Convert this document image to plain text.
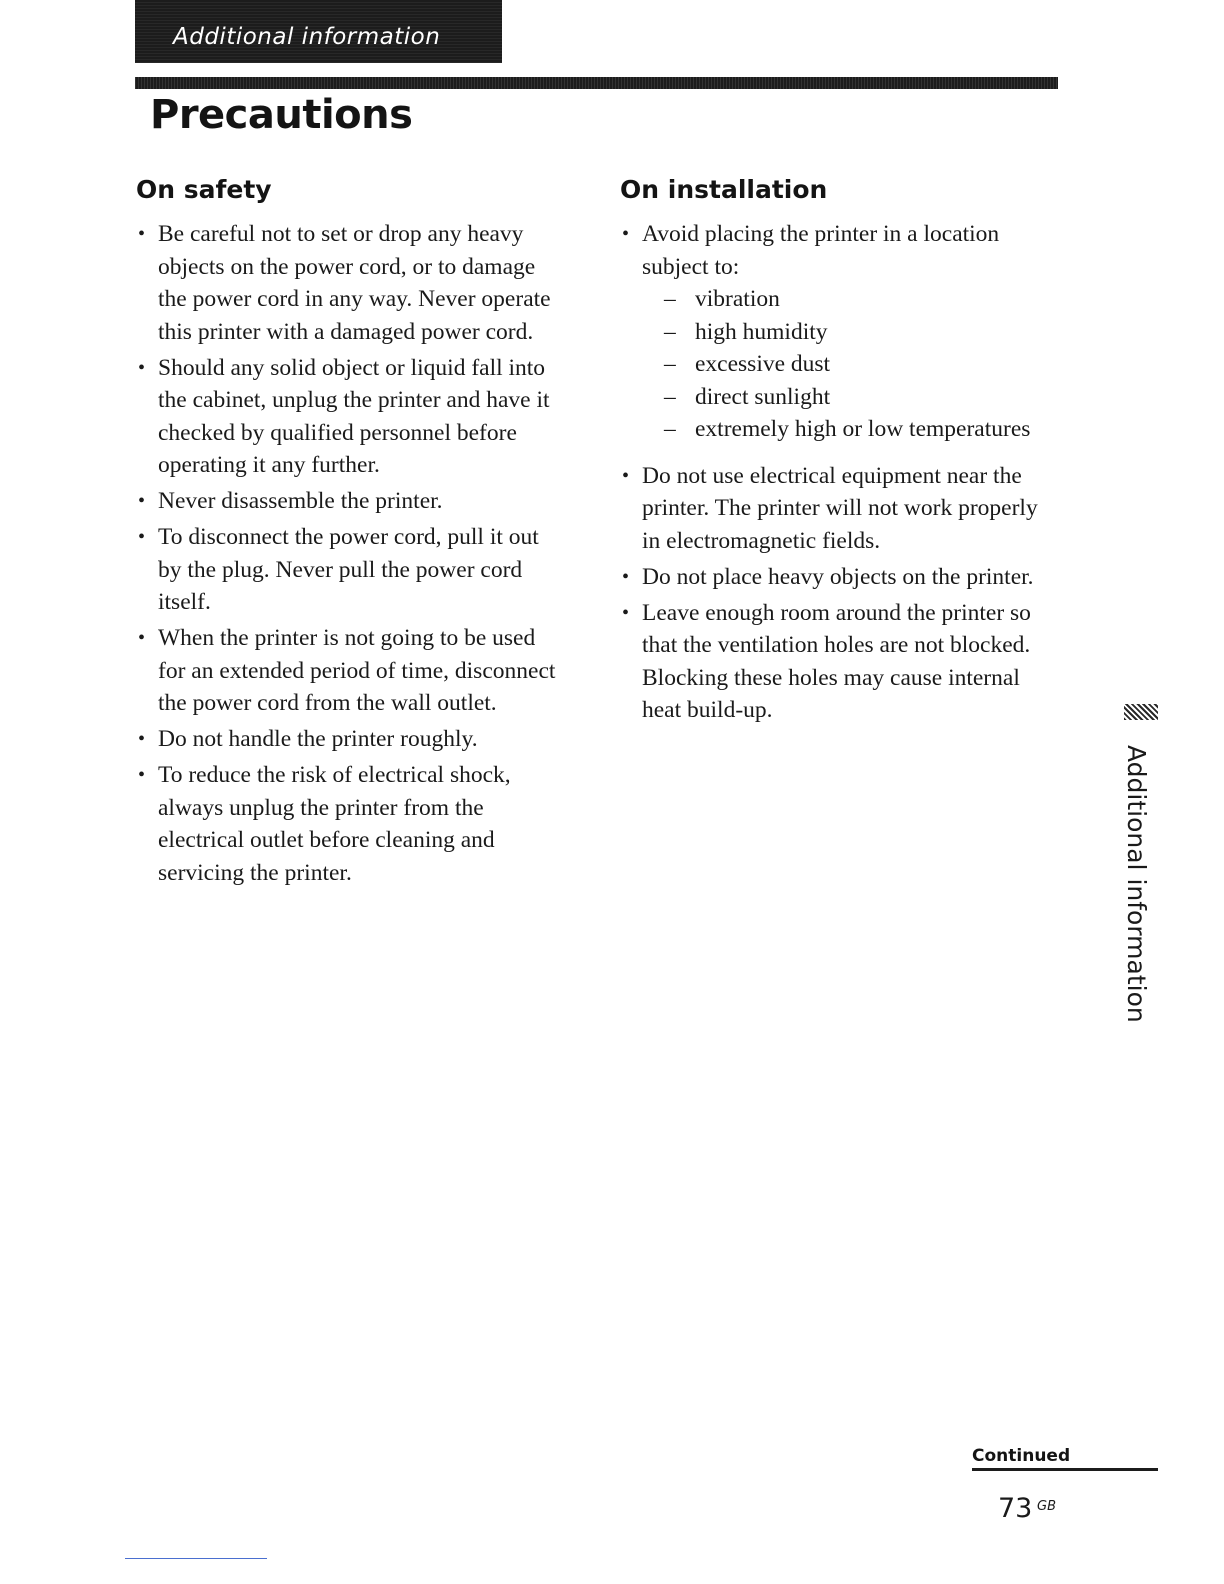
Additional information
Precautions
On safety
• Be careful not to set or drop any heavy objects on the power cord, or to damage the power cord in any way. Never operate this printer with a damaged power cord.
• Should any solid object or liquid fall into the cabinet, unplug the printer and have it checked by qualified personnel before operating it any further.
• Never disassemble the printer.
• To disconnect the power cord, pull it out by the plug. Never pull the power cord itself.
• When the printer is not going to be used for an extended period of time, disconnect the power cord from the wall outlet.
• Do not handle the printer roughly.
• To reduce the risk of electrical shock, always unplug the printer from the electrical outlet before cleaning and servicing the printer.
On installation
• Avoid placing the printer in a location subject to:
– vibration
– high humidity
– excessive dust
– direct sunlight
– extremely high or low temperatures
• Do not use electrical equipment near the printer. The printer will not work properly in electromagnetic fields.
• Do not place heavy objects on the printer.
• Leave enough room around the printer so that the ventilation holes are not blocked. Blocking these holes may cause internal heat build-up.
Additional information
Continued
73 GB
